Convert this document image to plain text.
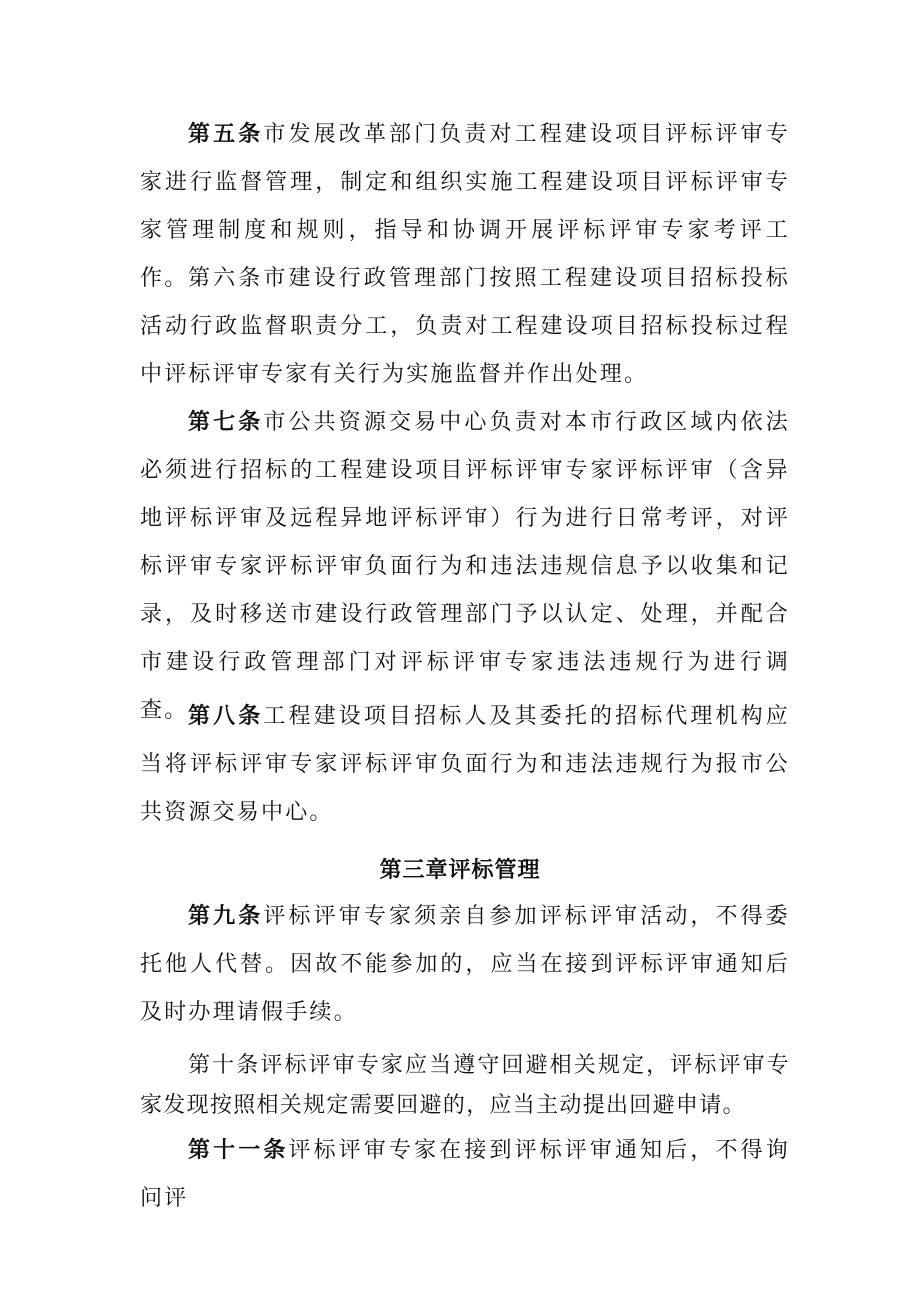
第五条市发展改革部门负责对工程建设项目评标评审专家进行监督管理，制定和组织实施工程建设项目评标评审专家管理制度和规则，指导和协调开展评标评审专家考评工作。 第六条市建设行政管理部门按照工程建设项目招标投标活动行政监督职责分工，负责对工程建设项目招标投标过程中评标评审专家有关行为实施监督并作出处理。

第七条市公共资源交易中心负责对本市行政区域内依法必须进行招标的工程建设项目评标评审专家评标评审（含异地评标评审及远程异地评标评审）行为进行日常考评，对评标评审专家评标评审负面行为和违法违规信息予以收集和记录，及时移送市建设行政管理部门予以认定、处理，并配合市建设行政管理部门对评标评审专家违法违规行为进行调查。 第八条工程建设项目招标人及其委托的招标代理机构应当将评标评审专家评标评审负面行为和违法违规行为报市公共资源交易中心。

第三章评标管理

第九条评标评审专家须亲自参加评标评审活动，不得委托他人代替。因故不能参加的，应当在接到评标评审通知后及时办理请假手续。

第十条评标评审专家应当遵守回避相关规定，评标评审专家发现按照相关规定需要回避的，应当主动提出回避申请。

第十一条评标评审专家在接到评标评审通知后，不得询问评
